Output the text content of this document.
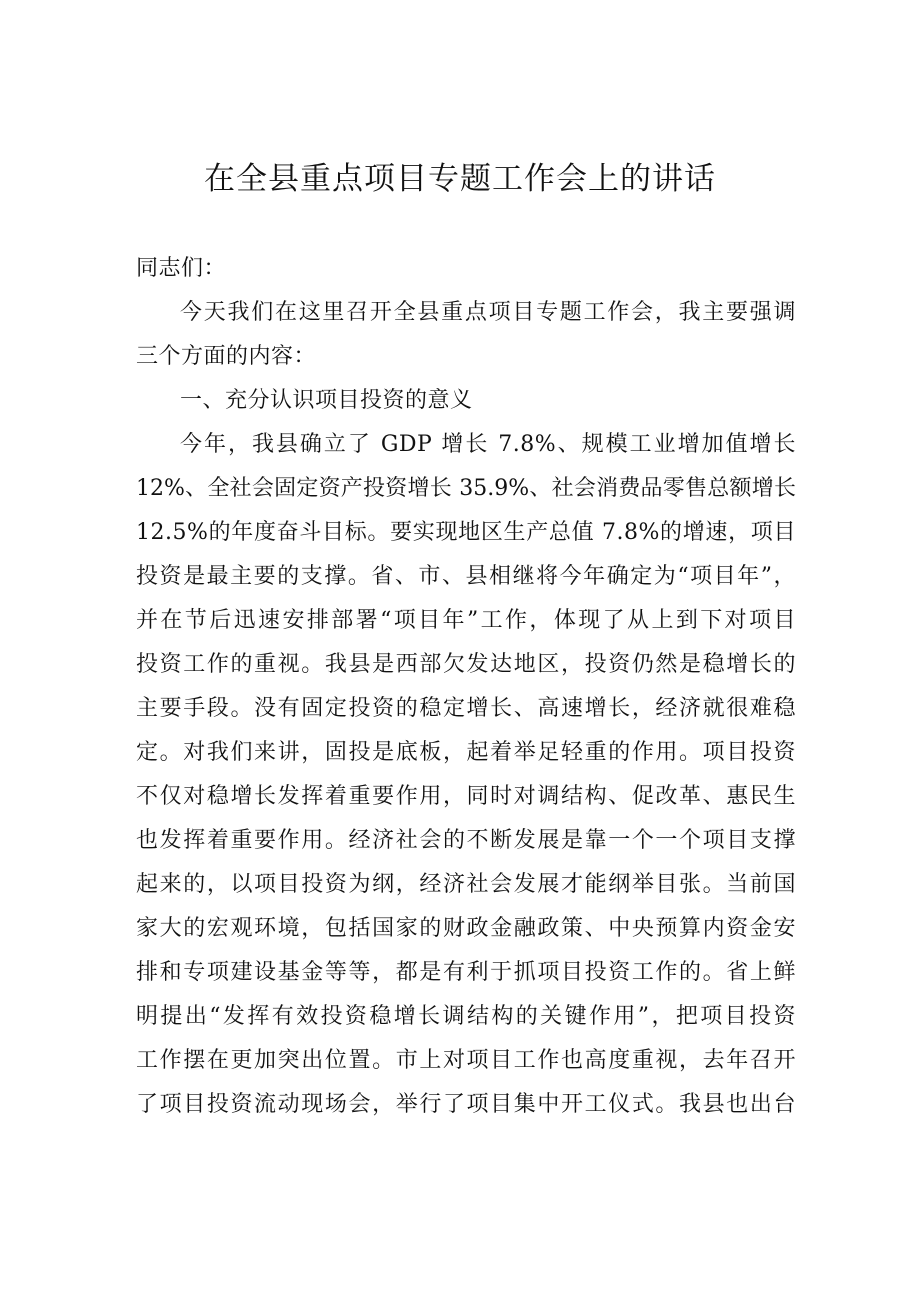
在全县重点项目专题工作会上的讲话
同志们：
今天我们在这里召开全县重点项目专题工作会，我主要强调
三个方面的内容：
一、充分认识项目投资的意义
今年，我县确立了 GDP 增长 7.8%、规模工业增加值增长
12%、全社会固定资产投资增长 35.9%、社会消费品零售总额增长
12.5%的年度奋斗目标。要实现地区生产总值 7.8%的增速，项目
投资是最主要的支撑。省、市、县相继将今年确定为“项目年”，
并在节后迅速安排部署“项目年”工作，体现了从上到下对项目
投资工作的重视。我县是西部欠发达地区，投资仍然是稳增长的
主要手段。没有固定投资的稳定增长、高速增长，经济就很难稳
定。对我们来讲，固投是底板，起着举足轻重的作用。项目投资
不仅对稳增长发挥着重要作用，同时对调结构、促改革、惠民生
也发挥着重要作用。经济社会的不断发展是靠一个一个项目支撑
起来的，以项目投资为纲，经济社会发展才能纲举目张。当前国
家大的宏观环境，包括国家的财政金融政策、中央预算内资金安
排和专项建设基金等等，都是有利于抓项目投资工作的。省上鲜
明提出“发挥有效投资稳增长调结构的关键作用”，把项目投资
工作摆在更加突出位置。市上对项目工作也高度重视，去年召开
了项目投资流动现场会，举行了项目集中开工仪式。我县也出台
